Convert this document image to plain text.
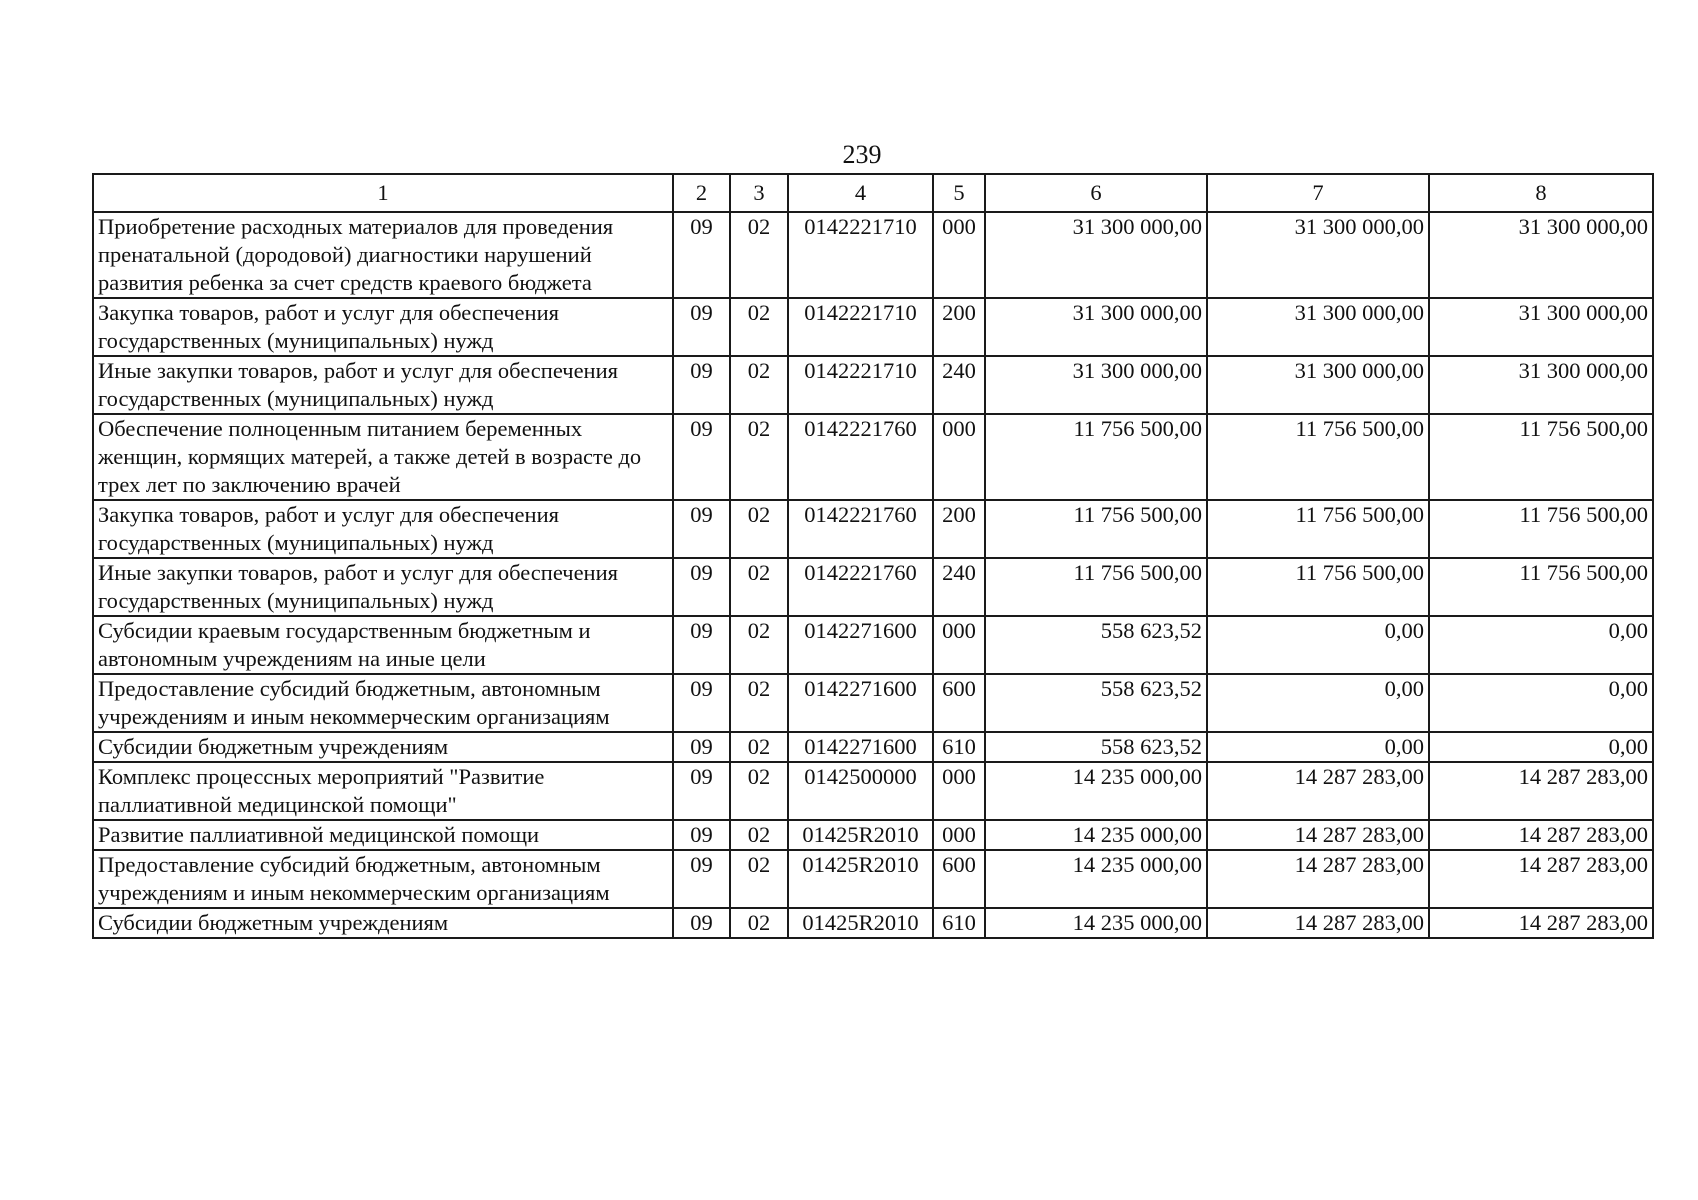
239
1	2	3	4	5	6	7	8
Приобретение расходных материалов для проведения пренатальной (дородовой) диагностики нарушений развития ребенка за счет средств краевого бюджета	09	02	0142221710	000	31 300 000,00	31 300 000,00	31 300 000,00
Закупка товаров, работ и услуг для обеспечения государственных (муниципальных) нужд	09	02	0142221710	200	31 300 000,00	31 300 000,00	31 300 000,00
Иные закупки товаров, работ и услуг для обеспечения государственных (муниципальных) нужд	09	02	0142221710	240	31 300 000,00	31 300 000,00	31 300 000,00
Обеспечение полноценным питанием беременных женщин, кормящих матерей, а также детей в возрасте до трех лет по заключению врачей	09	02	0142221760	000	11 756 500,00	11 756 500,00	11 756 500,00
Закупка товаров, работ и услуг для обеспечения государственных (муниципальных) нужд	09	02	0142221760	200	11 756 500,00	11 756 500,00	11 756 500,00
Иные закупки товаров, работ и услуг для обеспечения государственных (муниципальных) нужд	09	02	0142221760	240	11 756 500,00	11 756 500,00	11 756 500,00
Субсидии краевым государственным бюджетным и автономным учреждениям на иные цели	09	02	0142271600	000	558 623,52	0,00	0,00
Предоставление субсидий бюджетным, автономным учреждениям и иным некоммерческим организациям	09	02	0142271600	600	558 623,52	0,00	0,00
Субсидии бюджетным учреждениям	09	02	0142271600	610	558 623,52	0,00	0,00
Комплекс процессных мероприятий "Развитие паллиативной медицинской помощи"	09	02	0142500000	000	14 235 000,00	14 287 283,00	14 287 283,00
Развитие паллиативной медицинской помощи	09	02	01425R2010	000	14 235 000,00	14 287 283,00	14 287 283,00
Предоставление субсидий бюджетным, автономным учреждениям и иным некоммерческим организациям	09	02	01425R2010	600	14 235 000,00	14 287 283,00	14 287 283,00
Субсидии бюджетным учреждениям	09	02	01425R2010	610	14 235 000,00	14 287 283,00	14 287 283,00
